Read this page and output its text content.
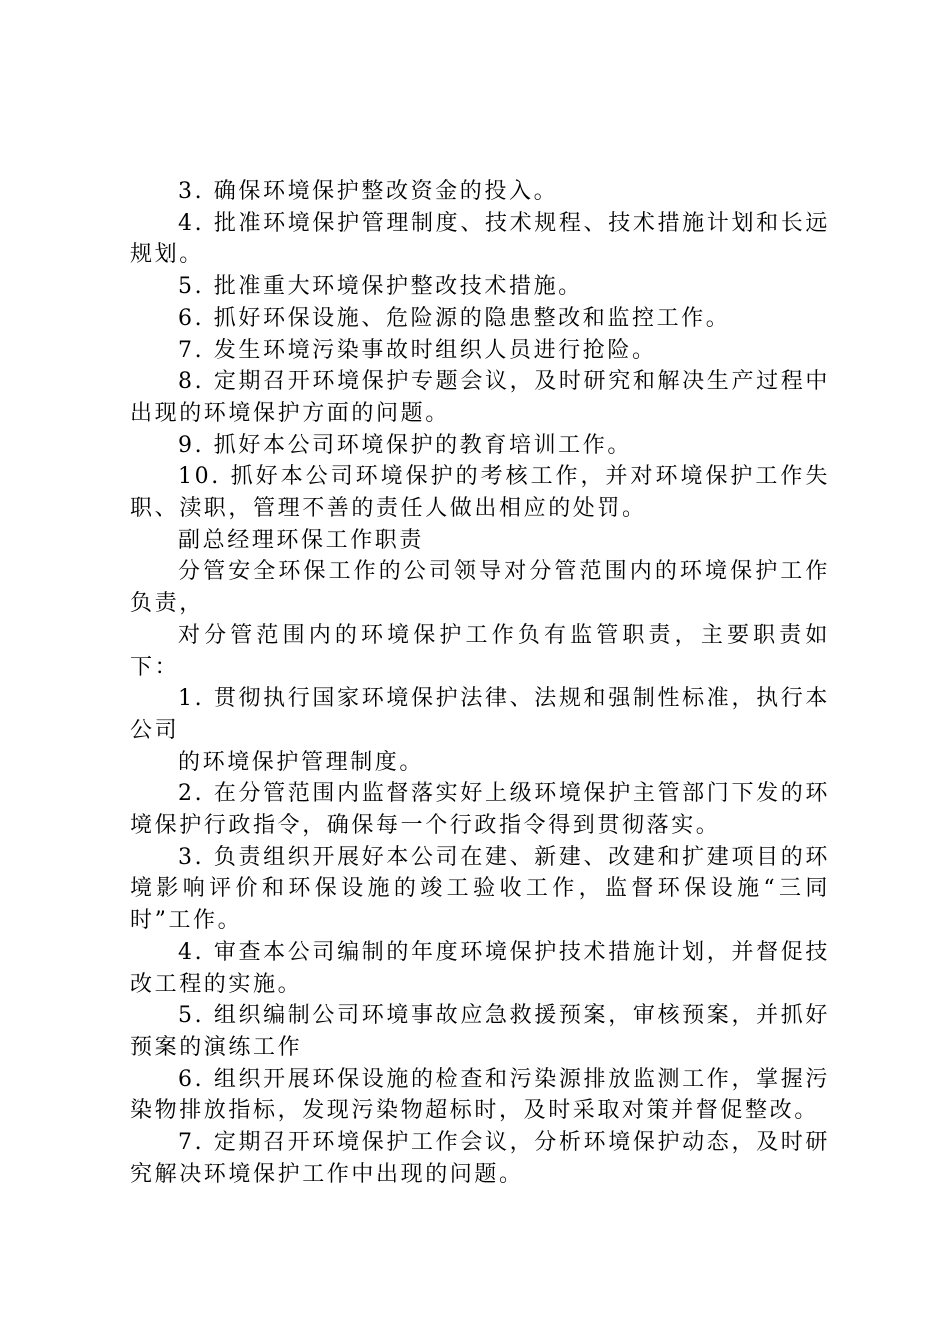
3. 确保环境保护整改资金的投入。

4. 批准环境保护管理制度、技术规程、技术措施计划和长远规划。

5. 批准重大环境保护整改技术措施。

6. 抓好环保设施、危险源的隐患整改和监控工作。

7. 发生环境污染事故时组织人员进行抢险。

8. 定期召开环境保护专题会议，及时研究和解决生产过程中出现的环境保护方面的问题。

9. 抓好本公司环境保护的教育培训工作。

10. 抓好本公司环境保护的考核工作，并对环境保护工作失职、渎职，管理不善的责任人做出相应的处罚。

副总经理环保工作职责

分管安全环保工作的公司领导对分管范围内的环境保护工作负责，

对分管范围内的环境保护工作负有监管职责，主要职责如下：

1. 贯彻执行国家环境保护法律、法规和强制性标准，执行本公司

的环境保护管理制度。

2. 在分管范围内监督落实好上级环境保护主管部门下发的环境保护行政指令，确保每一个行政指令得到贯彻落实。

3. 负责组织开展好本公司在建、新建、改建和扩建项目的环境影响评价和环保设施的竣工验收工作，监督环保设施“三同时”工作。

4. 审查本公司编制的年度环境保护技术措施计划，并督促技改工程的实施。

5. 组织编制公司环境事故应急救援预案，审核预案，并抓好预案的演练工作

6. 组织开展环保设施的检查和污染源排放监测工作，掌握污染物排放指标，发现污染物超标时，及时采取对策并督促整改。

7. 定期召开环境保护工作会议，分析环境保护动态，及时研究解决环境保护工作中出现的问题。
